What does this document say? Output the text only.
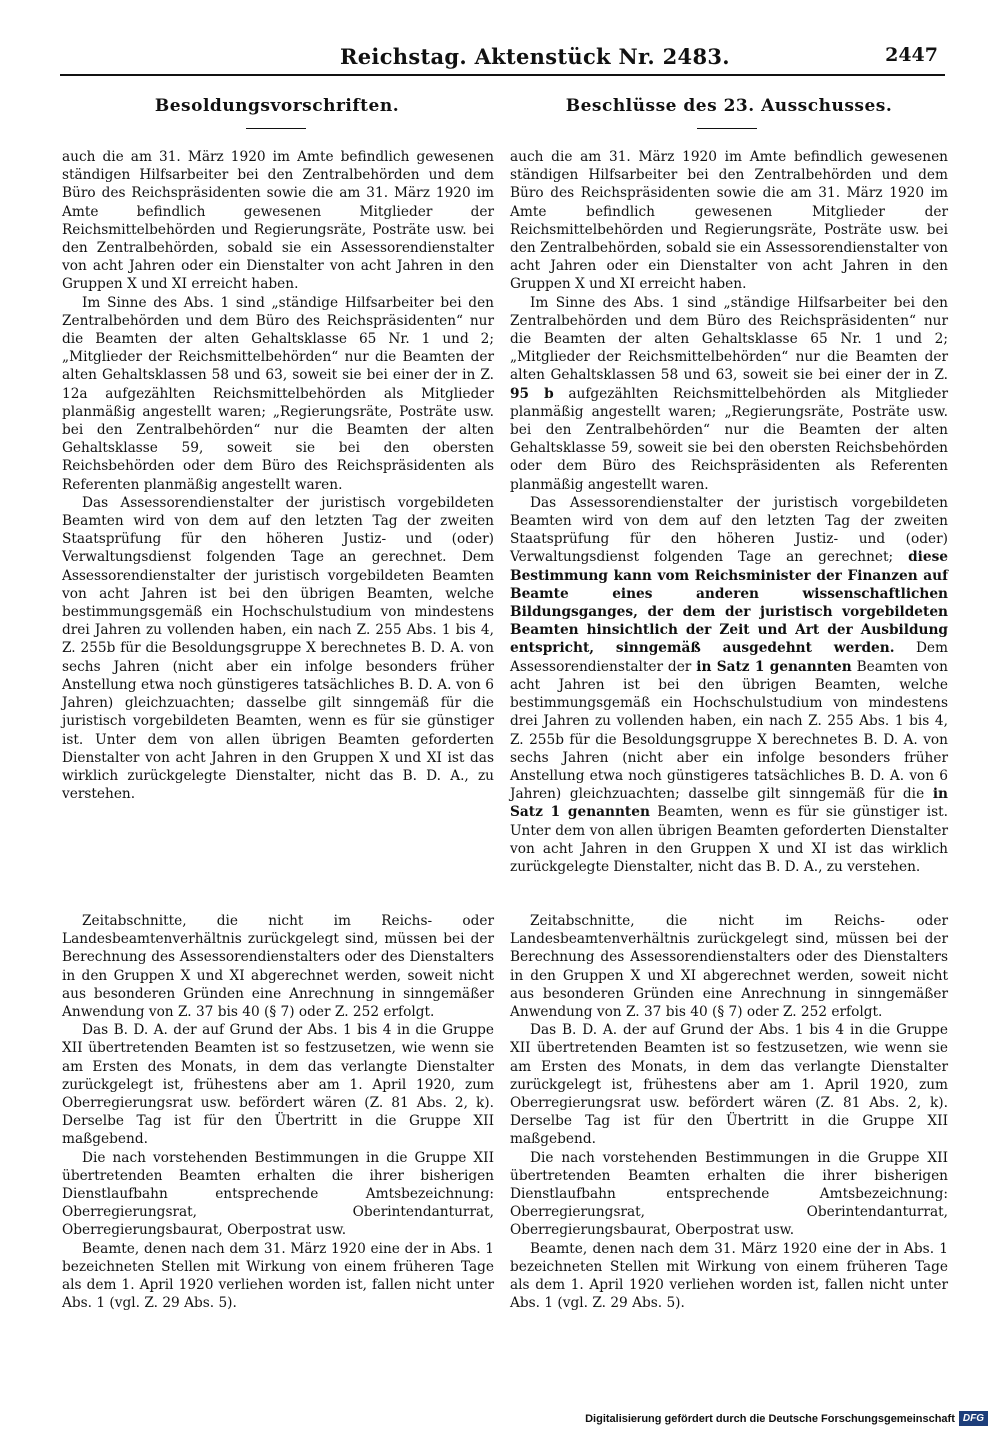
Reichstag. Aktenstück Nr. 2483.	2447
Besoldungsvorschriften.	Beschlüsse des 23. Ausschusses.

auch die am 31. März 1920 im Amte befindlich gewesenen ständigen Hilfsarbeiter bei den Zentralbehörden und dem Büro des Reichspräsidenten sowie die am 31. März 1920 im Amte befindlich gewesenen Mitglieder der Reichsmittelbehörden und Regierungsräte, Posträte usw. bei den Zentralbehörden, sobald sie ein Assessorendienstalter von acht Jahren oder ein Dienstalter von acht Jahren in den Gruppen X und XI erreicht haben.

Im Sinne des Abs. 1 sind „ständige Hilfsarbeiter bei den Zentralbehörden und dem Büro des Reichspräsidenten“ nur die Beamten der alten Gehaltsklasse 65 Nr. 1 und 2; „Mitglieder der Reichsmittelbehörden“ nur die Beamten der alten Gehaltsklassen 58 und 63, soweit sie bei einer der in Z. 12a aufgezählten Reichsmittelbehörden als Mitglieder planmäßig angestellt waren; „Regierungsräte, Posträte usw. bei den Zentralbehörden“ nur die Beamten der alten Gehaltsklasse 59, soweit sie bei den obersten Reichsbehörden oder dem Büro des Reichspräsidenten als Referenten planmäßig angestellt waren.

Das Assessorendienstalter der juristisch vorgebildeten Beamten wird von dem auf den letzten Tag der zweiten Staatsprüfung für den höheren Justiz- und (oder) Verwaltungsdienst folgenden Tage an gerechnet. Dem Assessorendienstalter der juristisch vorgebildeten Beamten von acht Jahren ist bei den übrigen Beamten, welche bestimmungsgemäß ein Hochschulstudium von mindestens drei Jahren zu vollenden haben, ein nach Z. 255 Abs. 1 bis 4, Z. 255b für die Besoldungsgruppe X berechnetes B. D. A. von sechs Jahren (nicht aber ein infolge besonders früher Anstellung etwa noch günstigeres tatsächliches B. D. A. von 6 Jahren) gleichzuachten; dasselbe gilt sinngemäß für die juristisch vorgebildeten Beamten, wenn es für sie günstiger ist. Unter dem von allen übrigen Beamten geforderten Dienstalter von acht Jahren in den Gruppen X und XI ist das wirklich zurückgelegte Dienstalter, nicht das B. D. A., zu verstehen.

auch die am 31. März 1920 im Amte befindlich gewesenen ständigen Hilfsarbeiter bei den Zentralbehörden und dem Büro des Reichspräsidenten sowie die am 31. März 1920 im Amte befindlich gewesenen Mitglieder der Reichsmittelbehörden und Regierungsräte, Posträte usw. bei den Zentralbehörden, sobald sie ein Assessorendienstalter von acht Jahren oder ein Dienstalter von acht Jahren in den Gruppen X und XI erreicht haben.

Im Sinne des Abs. 1 sind „ständige Hilfsarbeiter bei den Zentralbehörden und dem Büro des Reichspräsidenten“ nur die Beamten der alten Gehaltsklasse 65 Nr. 1 und 2; „Mitglieder der Reichsmittelbehörden“ nur die Beamten der alten Gehaltsklassen 58 und 63, soweit sie bei einer der in Z. 95 b aufgezählten Reichsmittelbehörden als Mitglieder planmäßig angestellt waren; „Regierungsräte, Posträte usw. bei den Zentralbehörden“ nur die Beamten der alten Gehaltsklasse 59, soweit sie bei den obersten Reichsbehörden oder dem Büro des Reichspräsidenten als Referenten planmäßig angestellt waren.

Das Assessorendienstalter der juristisch vorgebildeten Beamten wird von dem auf den letzten Tag der zweiten Staatsprüfung für den höheren Justiz- und (oder) Verwaltungsdienst folgenden Tage an gerechnet; diese Bestimmung kann vom Reichsminister der Finanzen auf Beamte eines anderen wissenschaftlichen Bildungsganges, der dem der juristisch vorgebildeten Beamten hinsichtlich der Zeit und Art der Ausbildung entspricht, sinngemäß ausgedehnt werden. Dem Assessorendienstalter der in Satz 1 genannten Beamten von acht Jahren ist bei den übrigen Beamten, welche bestimmungsgemäß ein Hochschulstudium von mindestens drei Jahren zu vollenden haben, ein nach Z. 255 Abs. 1 bis 4, Z. 255b für die Besoldungsgruppe X berechnetes B. D. A. von sechs Jahren (nicht aber ein infolge besonders früher Anstellung etwa noch günstigeres tatsächliches B. D. A. von 6 Jahren) gleichzuachten; dasselbe gilt sinngemäß für die in Satz 1 genannten Beamten, wenn es für sie günstiger ist. Unter dem von allen übrigen Beamten geforderten Dienstalter von acht Jahren in den Gruppen X und XI ist das wirklich zurückgelegte Dienstalter, nicht das B. D. A., zu verstehen.

Zeitabschnitte, die nicht im Reichs- oder Landesbeamtenverhältnis zurückgelegt sind, müssen bei der Berechnung des Assessorendienstalters oder des Dienstalters in den Gruppen X und XI abgerechnet werden, soweit nicht aus besonderen Gründen eine Anrechnung in sinngemäßer Anwendung von Z. 37 bis 40 (§ 7) oder Z. 252 erfolgt.

Das B. D. A. der auf Grund der Abs. 1 bis 4 in die Gruppe XII übertretenden Beamten ist so festzusetzen, wie wenn sie am Ersten des Monats, in dem das verlangte Dienstalter zurückgelegt ist, frühestens aber am 1. April 1920, zum Oberregierungsrat usw. befördert wären (Z. 81 Abs. 2, k). Derselbe Tag ist für den Übertritt in die Gruppe XII maßgebend.

Die nach vorstehenden Bestimmungen in die Gruppe XII übertretenden Beamten erhalten die ihrer bisherigen Dienstlaufbahn entsprechende Amtsbezeichnung: Oberregierungsrat, Oberintendanturrat, Oberregierungsbaurat, Oberpostrat usw.

Beamte, denen nach dem 31. März 1920 eine der in Abs. 1 bezeichneten Stellen mit Wirkung von einem früheren Tage als dem 1. April 1920 verliehen worden ist, fallen nicht unter Abs. 1 (vgl. Z. 29 Abs. 5).

Zeitabschnitte, die nicht im Reichs- oder Landesbeamtenverhältnis zurückgelegt sind, müssen bei der Berechnung des Assessorendienstalters oder des Dienstalters in den Gruppen X und XI abgerechnet werden, soweit nicht aus besonderen Gründen eine Anrechnung in sinngemäßer Anwendung von Z. 37 bis 40 (§ 7) oder Z. 252 erfolgt.

Das B. D. A. der auf Grund der Abs. 1 bis 4 in die Gruppe XII übertretenden Beamten ist so festzusetzen, wie wenn sie am Ersten des Monats, in dem das verlangte Dienstalter zurückgelegt ist, frühestens aber am 1. April 1920, zum Oberregierungsrat usw. befördert wären (Z. 81 Abs. 2, k). Derselbe Tag ist für den Übertritt in die Gruppe XII maßgebend.

Die nach vorstehenden Bestimmungen in die Gruppe XII übertretenden Beamten erhalten die ihrer bisherigen Dienstlaufbahn entsprechende Amtsbezeichnung: Oberregierungsrat, Oberintendanturrat, Oberregierungsbaurat, Oberpostrat usw.

Beamte, denen nach dem 31. März 1920 eine der in Abs. 1 bezeichneten Stellen mit Wirkung von einem früheren Tage als dem 1. April 1920 verliehen worden ist, fallen nicht unter Abs. 1 (vgl. Z. 29 Abs. 5).

Digitalisierung gefördert durch die Deutsche Forschungsgemeinschaft DFG
